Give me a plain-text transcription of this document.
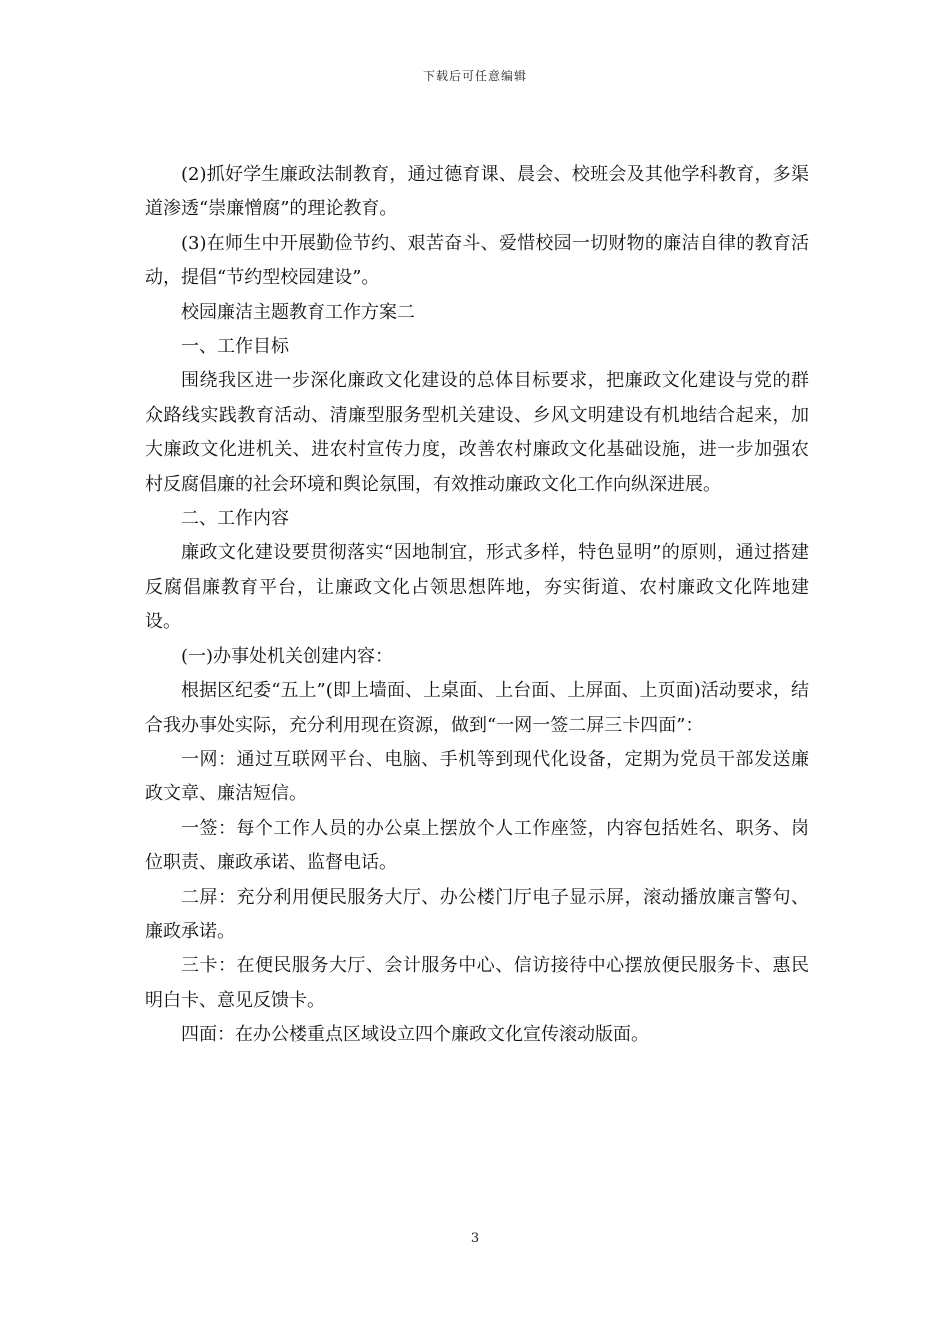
下载后可任意编辑

(2)抓好学生廉政法制教育，通过德育课、晨会、校班会及其他学科教育，多渠道渗透“崇廉憎腐”的理论教育。

(3)在师生中开展勤俭节约、艰苦奋斗、爱惜校园一切财物的廉洁自律的教育活动，提倡“节约型校园建设”。

校园廉洁主题教育工作方案二

一、工作目标

围绕我区进一步深化廉政文化建设的总体目标要求，把廉政文化建设与党的群众路线实践教育活动、清廉型服务型机关建设、乡风文明建设有机地结合起来，加大廉政文化进机关、进农村宣传力度，改善农村廉政文化基础设施，进一步加强农村反腐倡廉的社会环境和舆论氛围，有效推动廉政文化工作向纵深进展。

二、工作内容

廉政文化建设要贯彻落实“因地制宜，形式多样，特色显明”的原则，通过搭建反腐倡廉教育平台，让廉政文化占领思想阵地，夯实街道、农村廉政文化阵地建设。

(一)办事处机关创建内容：

根据区纪委“五上”(即上墙面、上桌面、上台面、上屏面、上页面)活动要求，结合我办事处实际，充分利用现在资源，做到“一网一签二屏三卡四面”：

一网：通过互联网平台、电脑、手机等到现代化设备，定期为党员干部发送廉政文章、廉洁短信。

一签：每个工作人员的办公桌上摆放个人工作座签，内容包括姓名、职务、岗位职责、廉政承诺、监督电话。

二屏：充分利用便民服务大厅、办公楼门厅电子显示屏，滚动播放廉言警句、廉政承诺。

三卡：在便民服务大厅、会计服务中心、信访接待中心摆放便民服务卡、惠民明白卡、意见反馈卡。

四面：在办公楼重点区域设立四个廉政文化宣传滚动版面。

3
